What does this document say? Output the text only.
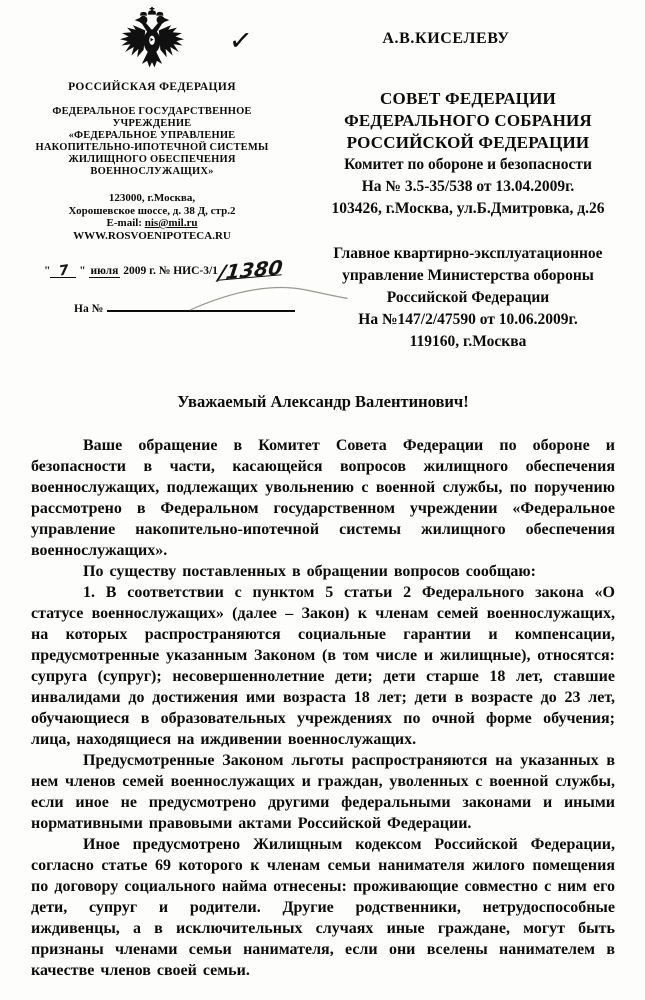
РОССИЙСКАЯ ФЕДЕРАЦИЯ
ФЕДЕРАЛЬНОЕ ГОСУДАРСТВЕННОЕ
УЧРЕЖДЕНИЕ
«ФЕДЕРАЛЬНОЕ УПРАВЛЕНИЕ
НАКОПИТЕЛЬНО-ИПОТЕЧНОЙ СИСТЕМЫ
ЖИЛИЩНОГО ОБЕСПЕЧЕНИЯ
ВОЕННОСЛУЖАЩИХ»
123000, г.Москва,
Хорошевское шоссе, д. 38 Д, стр.2
E-mail: nis@mil.ru
WWW.ROSVOENIPOTECA.RU
" 7 " июля 2009 г. № НИС-3/1/1380
На №
✓	А.В.КИСЕЛЕВУ
СОВЕТ ФЕДЕРАЦИИ
ФЕДЕРАЛЬНОГО СОБРАНИЯ
РОССИЙСКОЙ ФЕДЕРАЦИИ
Комитет по обороне и безопасности
На № 3.5-35/538 от 13.04.2009г.
103426, г.Москва, ул.Б.Дмитровка, д.26
Главное квартирно-эксплуатационное
управление Министерства обороны
Российской Федерации
На №147/2/47590 от 10.06.2009г.
119160, г.Москва
Уважаемый Александр Валентинович!

Ваше обращение в Комитет Совета Федерации по обороне и безопасности в части, касающейся вопросов жилищного обеспечения военнослужащих, подлежащих увольнению с военной службы, по поручению рассмотрено в Федеральном государственном учреждении «Федеральное управление накопительно-ипотечной системы жилищного обеспечения военнослужащих».

По существу поставленных в обращении вопросов сообщаю:

1. В соответствии с пунктом 5 статьи 2 Федерального закона «О статусе военнослужащих» (далее – Закон) к членам семей военнослужащих, на которых распространяются социальные гарантии и компенсации, предусмотренные указанным Законом (в том числе и жилищные), относятся: супруга (супруг); несовершеннолетние дети; дети старше 18 лет, ставшие инвалидами до достижения ими возраста 18 лет; дети в возрасте до 23 лет, обучающиеся в образовательных учреждениях по очной форме обучения; лица, находящиеся на иждивении военнослужащих.

Предусмотренные Законом льготы распространяются на указанных в нем членов семей военнослужащих и граждан, уволенных с военной службы, если иное не предусмотрено другими федеральными законами и иными нормативными правовыми актами Российской Федерации.

Иное предусмотрено Жилищным кодексом Российской Федерации, согласно статье 69 которого к членам семьи нанимателя жилого помещения по договору социального найма отнесены: проживающие совместно с ним его дети, супруг и родители. Другие родственники, нетрудоспособные иждивенцы, а в исключительных случаях иные граждане, могут быть признаны членами семьи нанимателя, если они вселены нанимателем в качестве членов своей семьи.
